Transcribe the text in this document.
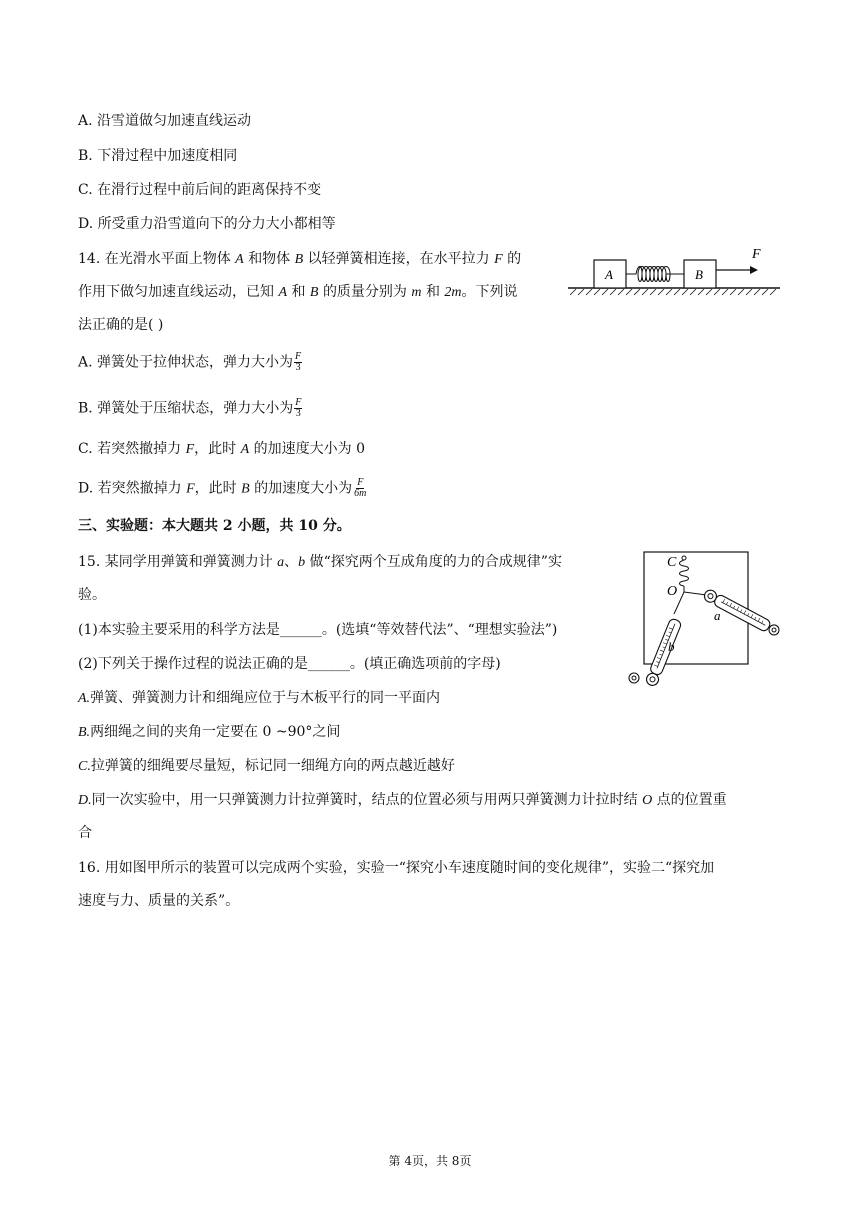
A. 沿雪道做匀加速直线运动
B. 下滑过程中加速度相同
C. 在滑行过程中前后间的距离保持不变
D. 所受重力沿雪道向下的分力大小都相等
14. 在光滑水平面上物体 A 和物体 B 以轻弹簧相连接，在水平拉力 F 的
作用下做匀加速直线运动，已知 A 和 B 的质量分别为 m 和 2m。下列说
法正确的是( )
A. 弹簧处于拉伸状态，弹力大小为 $\frac{F}{3}$
B. 弹簧处于压缩状态，弹力大小为 $\frac{F}{3}$
C. 若突然撤掉力 F，此时 A 的加速度大小为 0
D. 若突然撤掉力 F，此时 B 的加速度大小为 $\frac{F}{6m}$
A	B
F
三、实验题：本大题共 2 小题，共 10 分。
15. 某同学用弹簧和弹簧测力计 a、b 做“探究两个互成角度的力的合成规律”实
验。
(1)本实验主要采用的科学方法是______。(选填“等效替代法”、“理想实验法”)
(2)下列关于操作过程的说法正确的是______。(填正确选项前的字母)
A.弹簧、弹簧测力计和细绳应位于与木板平行的同一平面内
B.两细绳之间的夹角一定要在 0 ~90°之间
C.拉弹簧的细绳要尽量短，标记同一细绳方向的两点越近越好
D.同一次实验中，用一只弹簧测力计拉弹簧时，结点的位置必须与用两只弹簧测力计拉时结 O 点的位置重
合
C
O
a
b
16. 用如图甲所示的装置可以完成两个实验，实验一“探究小车速度随时间的变化规律”，实验二“探究加
速度与力、质量的关系”。
第 4页，共 8页
